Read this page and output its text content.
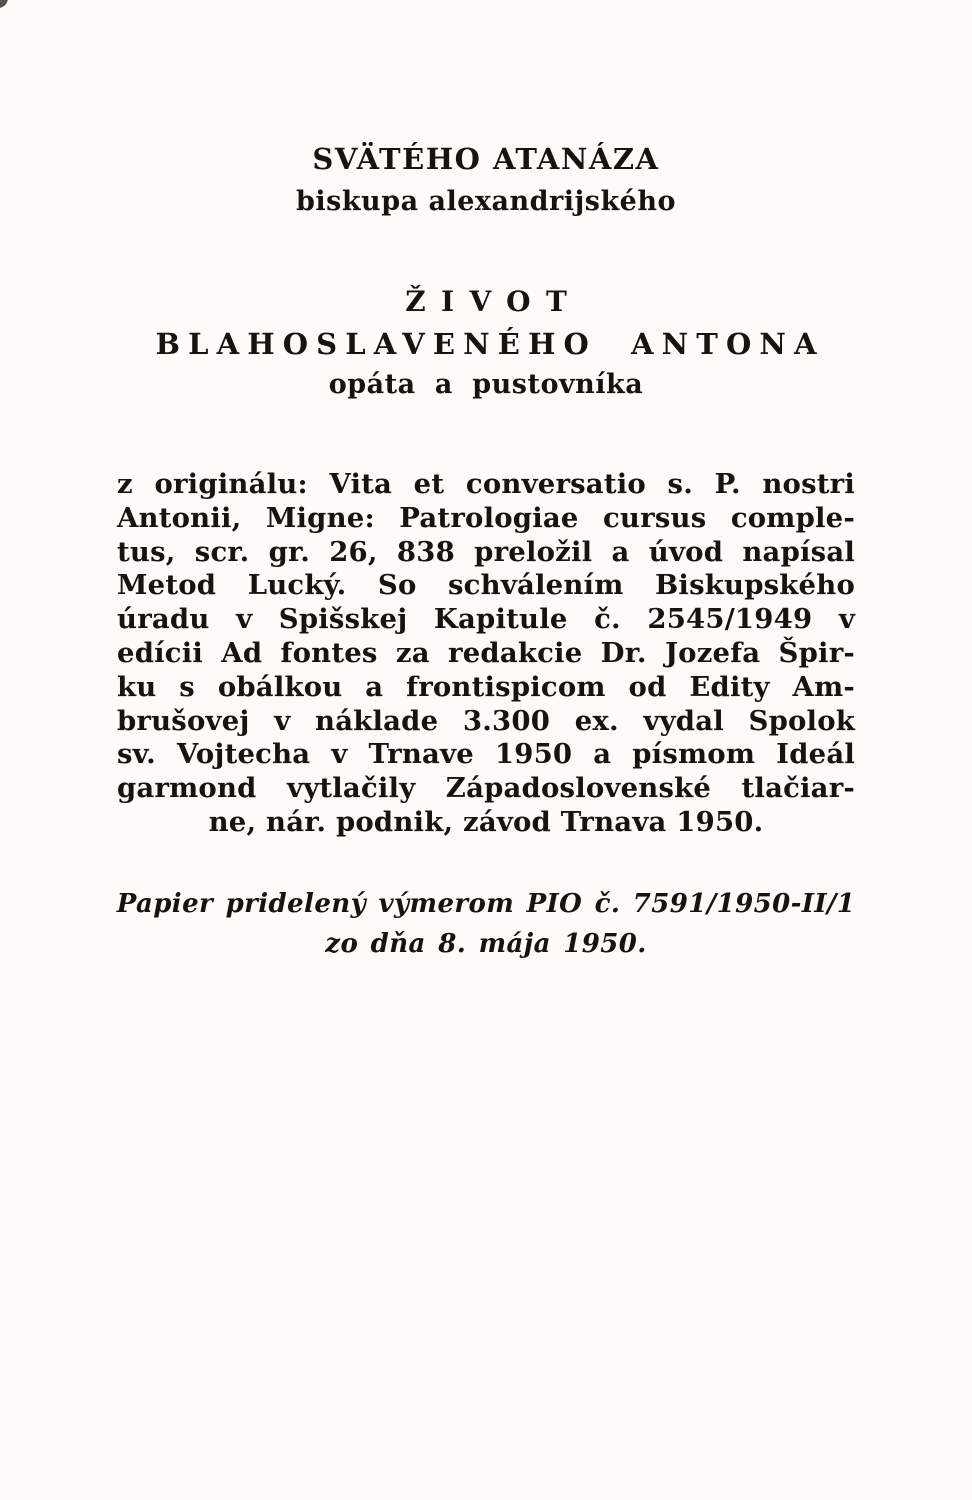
SVÄTÉHO ATANÁZA
biskupa alexandrijského
ŽIVOT
BLAHOSLAVENÉHO ANTONA
opáta a pustovníka
z originálu: Vita et conversatio s. P. nostri
Antonii, Migne: Patrologiae cursus comple-
tus, scr. gr. 26, 838 preložil a úvod napísal
Metod Lucký. So schválením Biskupského
úradu v Spišskej Kapitule č. 2545/1949 v
edícii Ad fontes za redakcie Dr. Jozefa Špir-
ku s obálkou a frontispicom od Edity Am-
brušovej v náklade 3.300 ex. vydal Spolok
sv. Vojtecha v Trnave 1950 a písmom Ideál
garmond vytlačily Západoslovenské tlačiar-
ne, nár. podnik, závod Trnava 1950.
Papier pridelený výmerom PIO č. 7591/1950-II/1
zo dňa 8. mája 1950.
